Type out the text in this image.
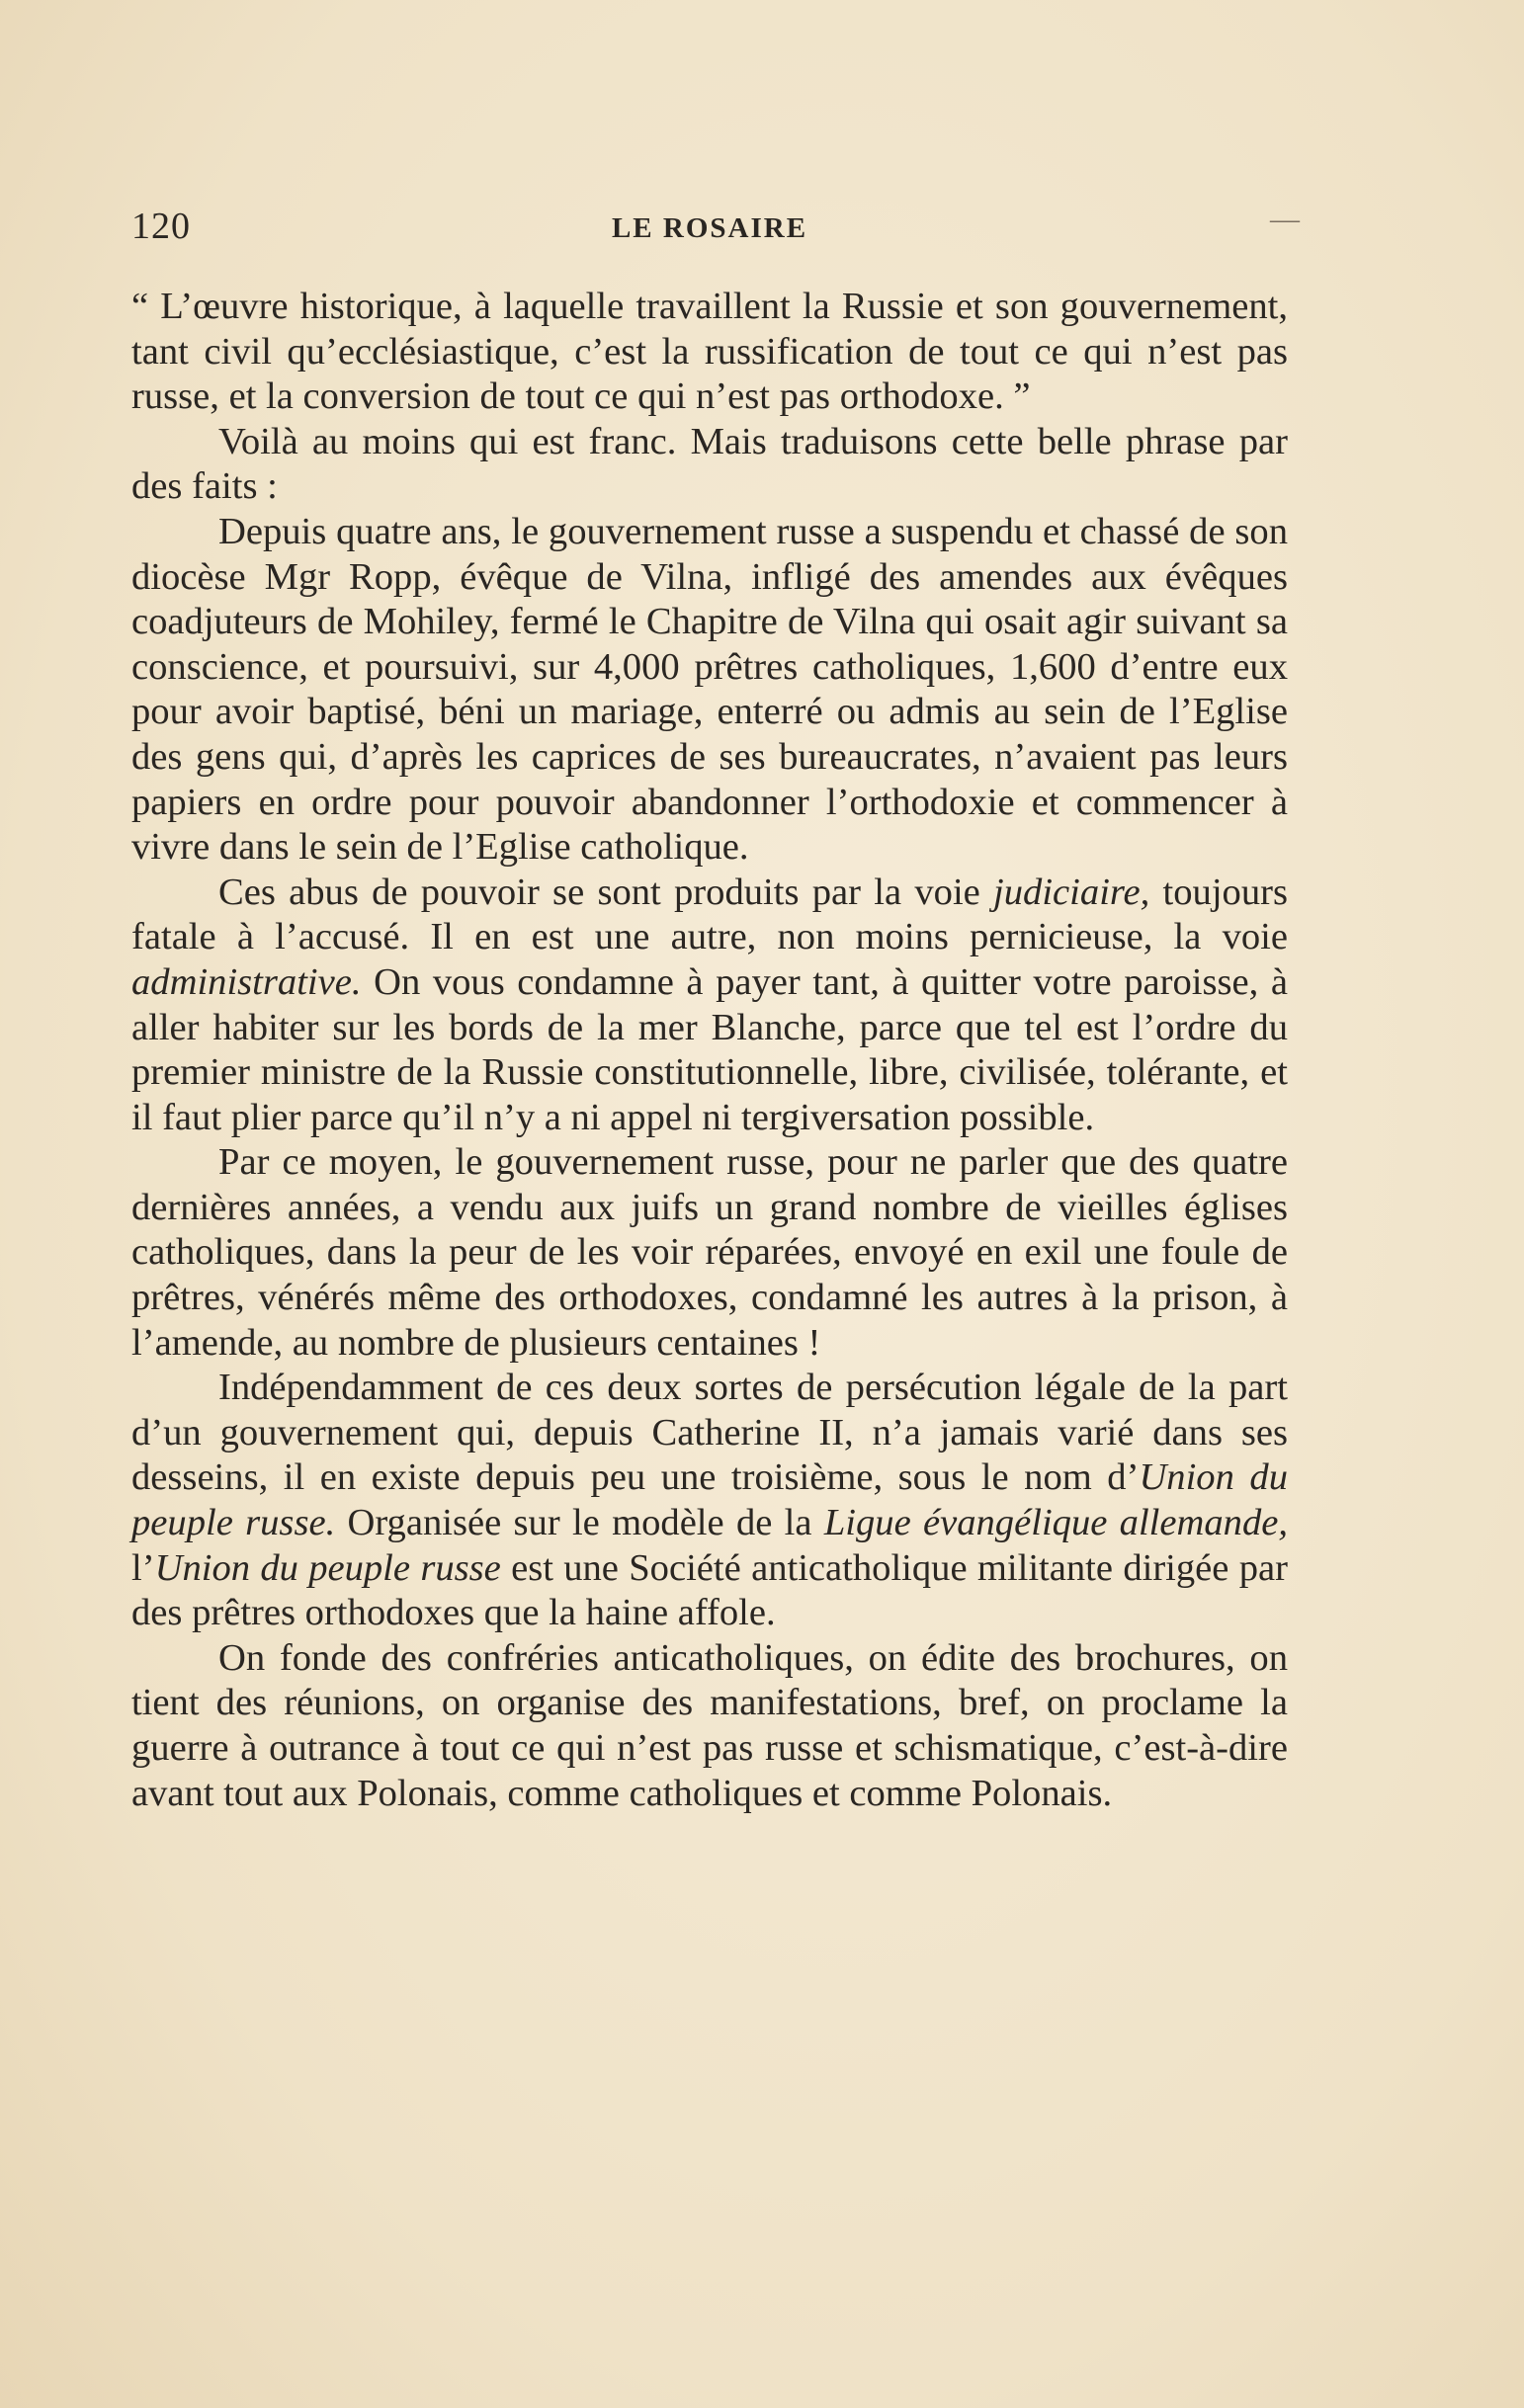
120	LE ROSAIRE	—

“ L’œuvre historique, à laquelle travaillent la Russie et son gouvernement, tant civil qu’ecclésiastique, c’est la russification de tout ce qui n’est pas russe, et la conversion de tout ce qui n’est pas orthodoxe. ”

Voilà au moins qui est franc. Mais traduisons cette belle phrase par des faits :

Depuis quatre ans, le gouvernement russe a suspendu et chassé de son diocèse Mgr Ropp, évêque de Vilna, infligé des amendes aux évêques coadjuteurs de Mohiley, fermé le Chapitre de Vilna qui osait agir suivant sa conscience, et poursuivi, sur 4,000 prêtres catholiques, 1,600 d’entre eux pour avoir baptisé, béni un mariage, enterré ou admis au sein de l’Eglise des gens qui, d’après les caprices de ses bureaucrates, n’avaient pas leurs papiers en ordre pour pouvoir abandonner l’orthodoxie et commencer à vivre dans le sein de l’Eglise catholique.

Ces abus de pouvoir se sont produits par la voie judiciaire, toujours fatale à l’accusé. Il en est une autre, non moins pernicieuse, la voie administrative. On vous condamne à payer tant, à quitter votre paroisse, à aller habiter sur les bords de la mer Blanche, parce que tel est l’ordre du premier ministre de la Russie constitutionnelle, libre, civilisée, tolérante, et il faut plier parce qu’il n’y a ni appel ni tergiversation possible.

Par ce moyen, le gouvernement russe, pour ne parler que des quatre dernières années, a vendu aux juifs un grand nombre de vieilles églises catholiques, dans la peur de les voir réparées, envoyé en exil une foule de prêtres, vénérés même des orthodoxes, condamné les autres à la prison, à l’amende, au nombre de plusieurs centaines !

Indépendamment de ces deux sortes de persécution légale de la part d’un gouvernement qui, depuis Catherine II, n’a jamais varié dans ses desseins, il en existe depuis peu une troisième, sous le nom d’Union du peuple russe. Organisée sur le modèle de la Ligue évangélique allemande, l’Union du peuple russe est une Société anticatholique militante dirigée par des prêtres orthodoxes que la haine affole.

On fonde des confréries anticatholiques, on édite des brochures, on tient des réunions, on organise des manifestations, bref, on proclame la guerre à outrance à tout ce qui n’est pas russe et schismatique, c’est-à-dire avant tout aux Polonais, comme catholiques et comme Polonais.
